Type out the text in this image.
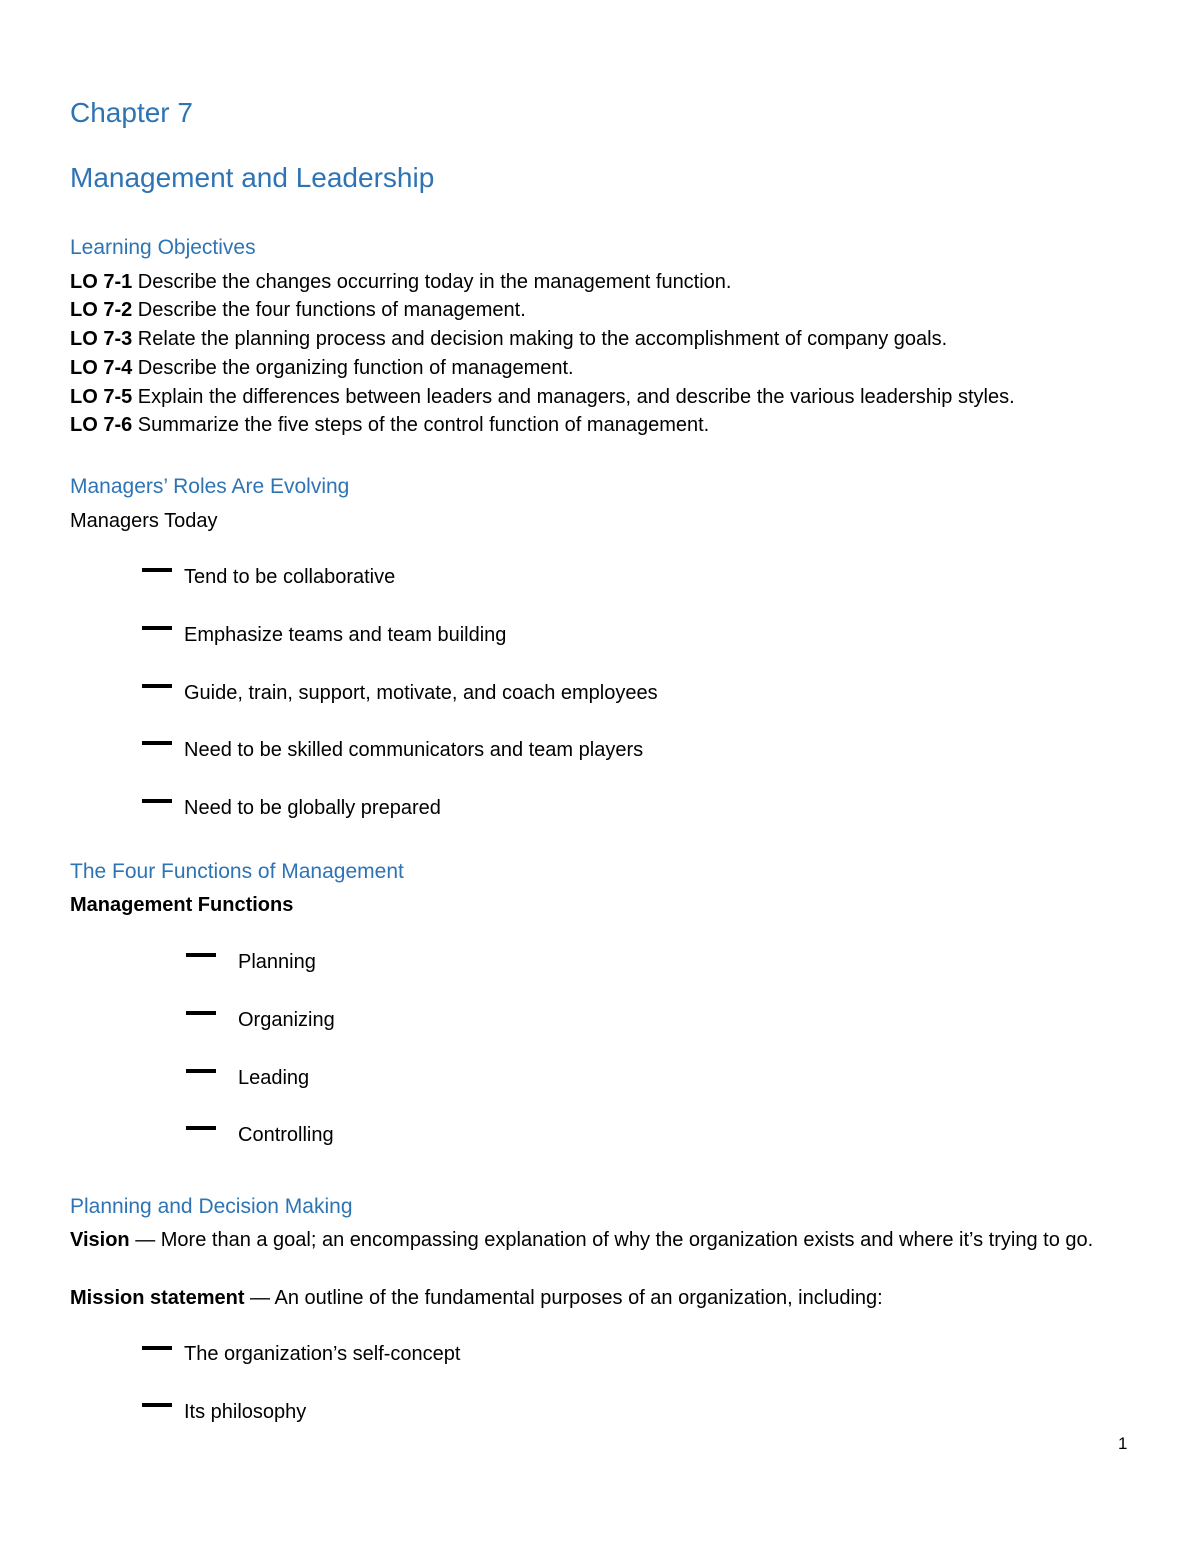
Chapter 7
Management and Leadership
Learning Objectives
LO 7-1 Describe the changes occurring today in the management function.
LO 7-2 Describe the four functions of management.
LO 7-3 Relate the planning process and decision making to the accomplishment of company goals.
LO 7-4 Describe the organizing function of management.
LO 7-5 Explain the differences between leaders and managers, and describe the various leadership styles.
LO 7-6 Summarize the five steps of the control function of management.
Managers’ Roles Are Evolving
Managers Today
Tend to be collaborative
Emphasize teams and team building
Guide, train, support, motivate, and coach employees
Need to be skilled communicators and team players
Need to be globally prepared
The Four Functions of Management
Management Functions
Planning
Organizing
Leading
Controlling
Planning and Decision Making
Vision — More than a goal; an encompassing explanation of why the organization exists and where it’s trying to go.
Mission statement — An outline of the fundamental purposes of an organization, including:
The organization’s self-concept
Its philosophy
1
